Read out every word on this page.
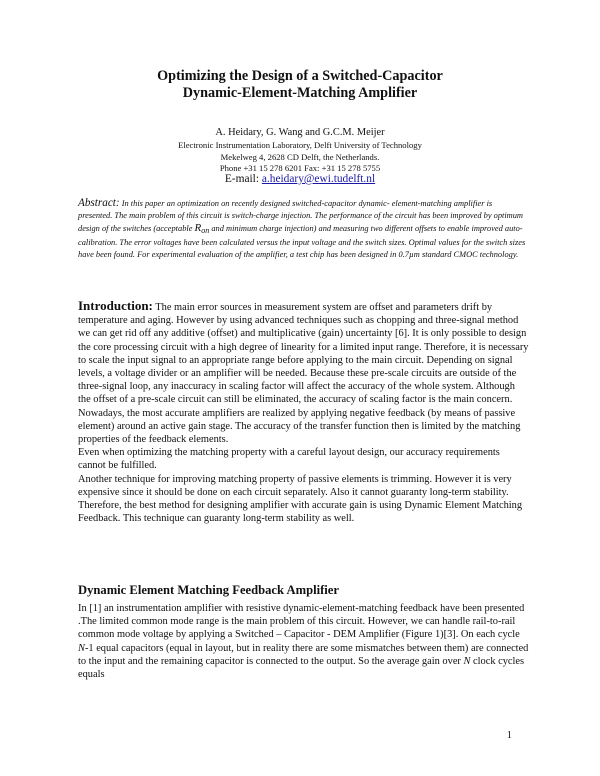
Optimizing the Design of a Switched-Capacitor
Dynamic-Element-Matching Amplifier
A. Heidary, G. Wang and G.C.M. Meijer
Electronic Instrumentation Laboratory, Delft University of Technology
Mekelweg 4, 2628 CD Delft, the Netherlands.
Phone +31 15 278 6201 Fax: +31 15 278 5755
E-mail: a.heidary@ewi.tudelft.nl
Abstract: In this paper an optimization on recently designed switched-capacitor dynamic- element-matching amplifier is presented. The main problem of this circuit is switch-charge injection. The performance of the circuit has been improved by optimum design of the switches (acceptable Ron and minimum charge injection) and measuring two different offsets to enable improved auto-calibration. The error voltages have been calculated versus the input voltage and the switch sizes. Optimal values for the switch sizes have been found. For experimental evaluation of the amplifier, a test chip has been designed in 0.7µm standard CMOC technology.

Introduction: The main error sources in measurement system are offset and parameters drift by temperature and aging. However by using advanced techniques such as chopping and three-signal method we can get rid off any additive (offset) and multiplicative (gain) uncertainty [6]. It is only possible to design the core processing circuit with a high degree of linearity for a limited input range. Therefore, it is necessary to scale the input signal to an appropriate range before applying to the main circuit. Depending on signal levels, a voltage divider or an amplifier will be needed. Because these pre-scale circuits are outside of the three-signal loop, any inaccuracy in scaling factor will affect the accuracy of the whole system. Although the offset of a pre-scale circuit can still be eliminated, the accuracy of scaling factor is the main concern.

Nowadays, the most accurate amplifiers are realized by applying negative feedback (by means of passive element) around an active gain stage. The accuracy of the transfer function then is limited by the matching properties of the feedback elements.

Even when optimizing the matching property with a careful layout design, our accuracy requirements cannot be fulfilled.

Another technique for improving matching property of passive elements is trimming. However it is very expensive since it should be done on each circuit separately. Also it cannot guaranty long-term stability. Therefore, the best method for designing amplifier with accurate gain is using Dynamic Element Matching Feedback. This technique can guaranty long-term stability as well.

Dynamic Element Matching Feedback Amplifier

In [1] an instrumentation amplifier with resistive dynamic-element-matching feedback have been presented .The limited common mode range is the main problem of this circuit. However, we can handle rail-to-rail common mode voltage by applying a Switched – Capacitor - DEM Amplifier (Figure 1)[3]. On each cycle N-1 equal capacitors (equal in layout, but in reality there are some mismatches between them) are connected to the input and the remaining capacitor is connected to the output. So the average gain over N clock cycles equals

1
